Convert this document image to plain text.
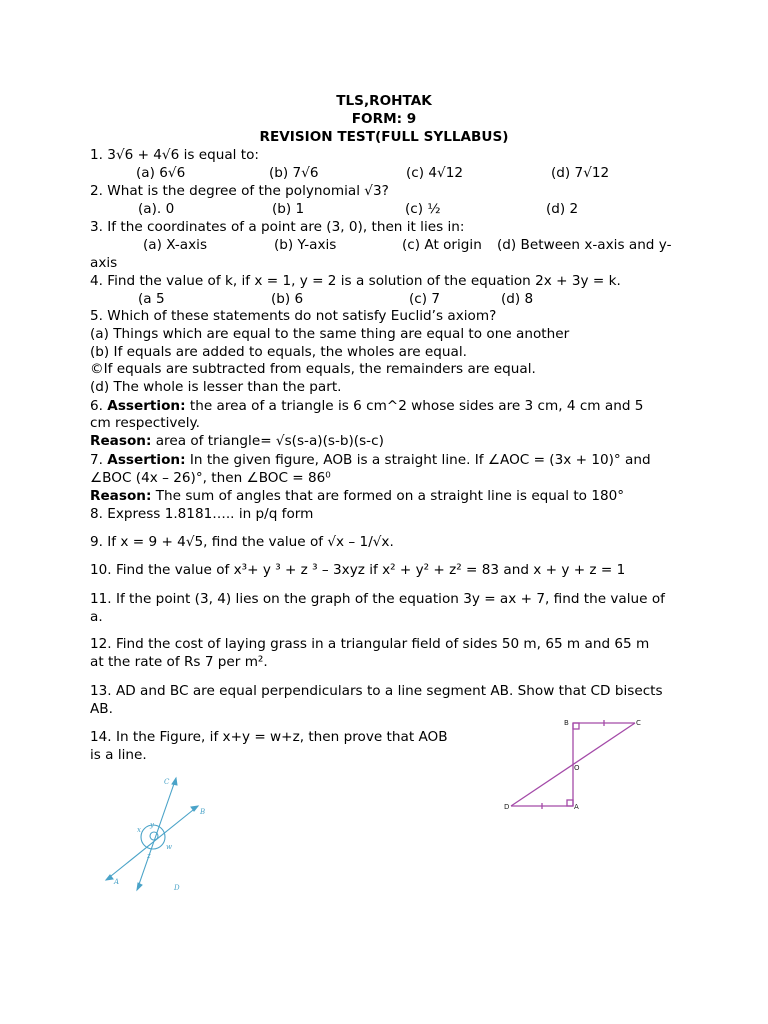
TLS,ROHTAK
FORM: 9
REVISION TEST(FULL SYLLABUS)
1. 3√6 + 4√6 is equal to:
(a) 6√6	(b) 7√6	(c) 4√12	(d) 7√12
2. What is the degree of the polynomial √3?
(a). 0	(b) 1	(c) ½	(d) 2
3. If the coordinates of a point are (3, 0), then it lies in:
(a) X-axis	(b) Y-axis	(c) At origin (d) Between x-axis and y-
axis
4. Find the value of k, if x = 1, y = 2 is a solution of the equation 2x + 3y = k.
(a 5	(b) 6	(c) 7	(d) 8
5. Which of these statements do not satisfy Euclid’s axiom?
(a) Things which are equal to the same thing are equal to one another
(b) If equals are added to equals, the wholes are equal.
©If equals are subtracted from equals, the remainders are equal.
(d) The whole is lesser than the part.
6. Assertion: the area of a triangle is 6 cm^2 whose sides are 3 cm, 4 cm and 5
cm respectively.
Reason: area of triangle= √s(s-a)(s-b)(s-c)
7. Assertion: In the given figure, AOB is a straight line. If ∠AOC = (3x + 10)° and
∠BOC (4x – 26)°, then ∠BOC = 86⁰
Reason: The sum of angles that are formed on a straight line is equal to 180°
8. Express 1.8181….. in p/q form
9. If x = 9 + 4√5, find the value of √x – 1/√x.
10. Find the value of x³+ y ³ + z ³ – 3xyz if x² + y² + z² = 83 and x + y + z = 1
11. If the point (3, 4) lies on the graph of the equation 3y = ax + 7, find the value of
a.
12. Find the cost of laying grass in a triangular field of sides 50 m, 65 m and 65 m
at the rate of Rs 7 per m².
13. AD and BC are equal perpendiculars to a line segment AB. Show that CD bisects
AB.
14. In the Figure, if x+y = w+z, then prove that AOB
is a line.
B	C
O
D	A
C
B
A
D
x
y
w
z
